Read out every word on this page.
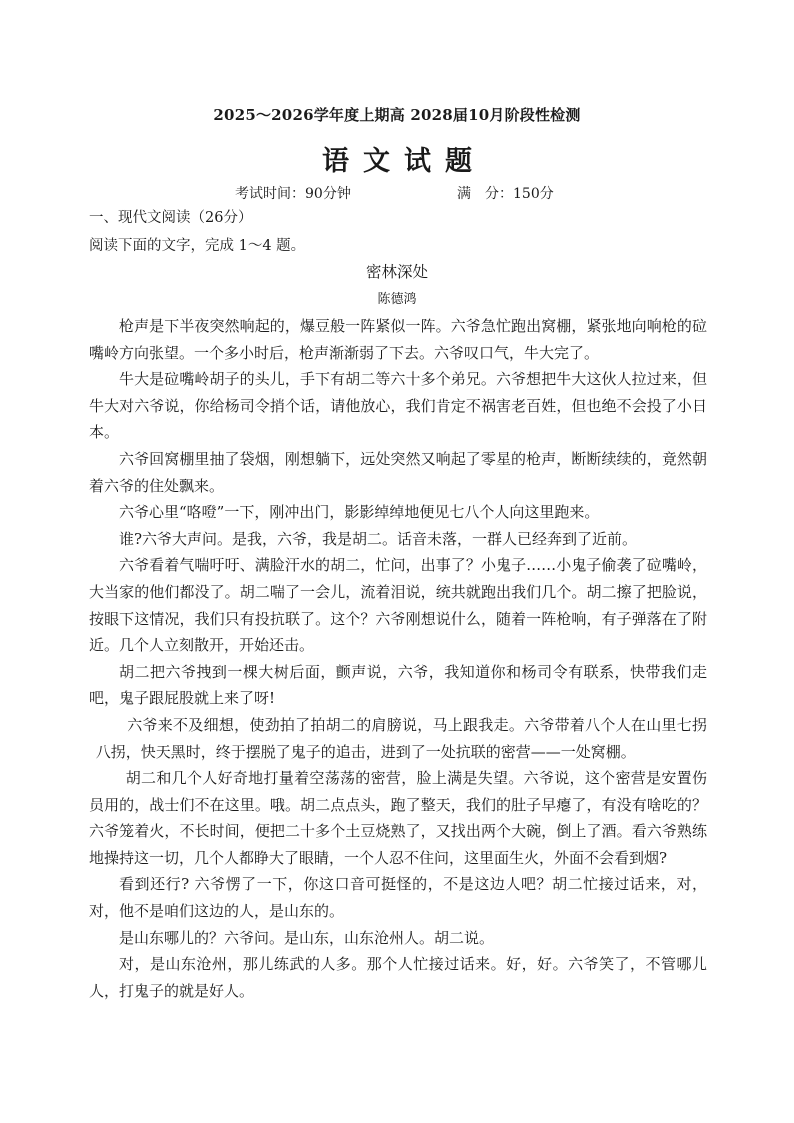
2025～2026学年度上期高 2028届10月阶段性检测
语文试题
考试时间：90分钟	满　分：150分
一、现代文阅读（26分）
阅读下面的文字，完成 1～4 题。
密林深处
陈德鸿

枪声是下半夜突然响起的，爆豆般一阵紧似一阵。六爷急忙跑出窝棚，紧张地向响枪的砬嘴岭方向张望。一个多小时后，枪声渐渐弱了下去。六爷叹口气，牛大完了。

牛大是砬嘴岭胡子的头儿，手下有胡二等六十多个弟兄。六爷想把牛大这伙人拉过来，但牛大对六爷说，你给杨司令捎个话，请他放心，我们肯定不祸害老百姓，但也绝不会投了小日本。

六爷回窝棚里抽了袋烟，刚想躺下，远处突然又响起了零星的枪声，断断续续的，竟然朝着六爷的住处飘来。

六爷心里“咯噔”一下，刚冲出门，影影绰绰地便见七八个人向这里跑来。

谁?六爷大声问。是我，六爷，我是胡二。话音未落，一群人已经奔到了近前。

六爷看着气喘吁吁、满脸汗水的胡二，忙问，出事了？小鬼子……小鬼子偷袭了砬嘴岭，大当家的他们都没了。胡二喘了一会儿，流着泪说，统共就跑出我们几个。胡二擦了把脸说，按眼下这情况，我们只有投抗联了。这个？六爷刚想说什么，随着一阵枪响，有子弹落在了附近。几个人立刻散开，开始还击。

胡二把六爷拽到一棵大树后面，颤声说，六爷，我知道你和杨司令有联系，快带我们走吧，鬼子跟屁股就上来了呀!

六爷来不及细想，使劲拍了拍胡二的肩膀说，马上跟我走。六爷带着八个人在山里七拐八拐，快天黑时，终于摆脱了鬼子的追击，进到了一处抗联的密营——一处窝棚。

胡二和几个人好奇地打量着空荡荡的密营，脸上满是失望。六爷说，这个密营是安置伤员用的，战士们不在这里。哦。胡二点点头，跑了整天，我们的肚子早瘪了，有没有啥吃的？六爷笼着火，不长时间，便把二十多个土豆烧熟了，又找出两个大碗，倒上了酒。看六爷熟练地操持这一切，几个人都睁大了眼睛，一个人忍不住问，这里面生火，外面不会看到烟?

看到还行? 六爷愣了一下，你这口音可挺怪的，不是这边人吧？胡二忙接过话来，对，对，他不是咱们这边的人，是山东的。

是山东哪儿的？六爷问。是山东，山东沧州人。胡二说。

对，是山东沧州，那儿练武的人多。那个人忙接过话来。好，好。六爷笑了，不管哪儿人，打鬼子的就是好人。
